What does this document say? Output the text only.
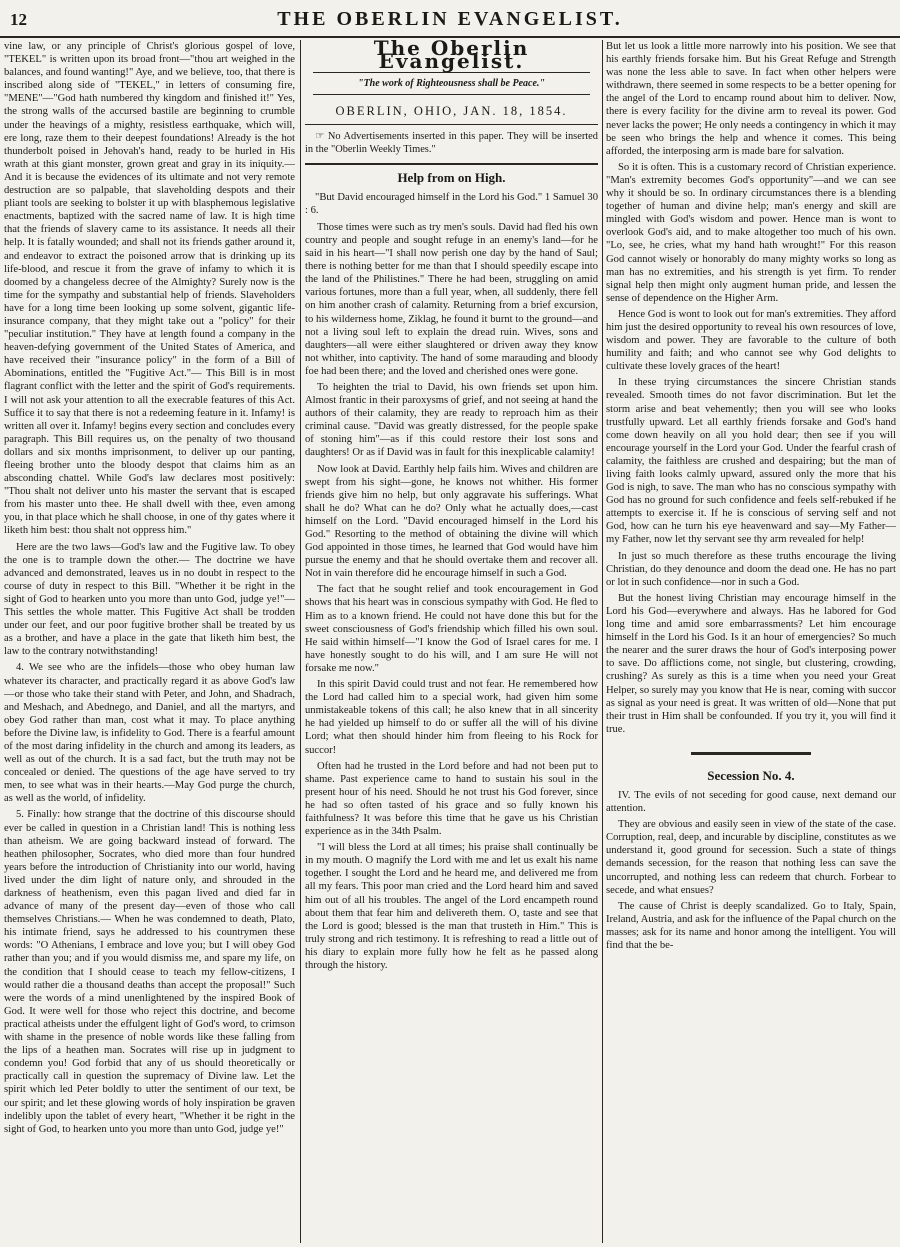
12	THE OBERLIN EVANGELIST.

vine law, or any principle of Christ's glorious gospel of love, "TEKEL" is written upon its broad front—"thou art weighed in the balances, and found wanting!" Aye, and we believe, too, that there is inscribed along side of "TEKEL," in letters of consuming fire, "MENE"—"God hath numbered thy kingdom and finished it!" Yes, the strong walls of the accursed bastile are beginning to crumble under the heavings of a mighty, resistless earthquake, which will, ere long, raze them to their deepest foundations! Already is the hot thunderbolt poised in Jehovah's hand, ready to be hurled in His wrath at this giant monster, grown great and gray in its iniquity.— And it is because the evidences of its ultimate and not very remote destruction are so palpable, that slaveholding despots and their pliant tools are seeking to bolster it up with blasphemous legislative enactments, baptized with the sacred name of law. It is high time that the friends of slavery came to its assistance. It needs all their help. It is fatally wounded; and shall not its friends gather around it, and endeavor to extract the poisoned arrow that is drinking up its life-blood, and rescue it from the grave of infamy to which it is doomed by a changeless decree of the Almighty? Surely now is the time for the sympathy and substantial help of friends. Slaveholders have for a long time been looking up some solvent, gigantic life-insurance company, that they might take out a "policy" for their "peculiar institution." They have at length found a company in the heaven-defying government of the United States of America, and have received their "insurance policy" in the form of a Bill of Abominations, entitled the "Fugitive Act."— This Bill is in most flagrant conflict with the letter and the spirit of God's requirements. I will not ask your attention to all the execrable features of this Act. Suffice it to say that there is not a redeeming feature in it. Infamy! is written all over it. Infamy! begins every section and concludes every paragraph. This Bill requires us, on the penalty of two thousand dollars and six months imprisonment, to deliver up our panting, fleeing brother unto the bloody despot that claims him as an absconding chattel. While God's law declares most positively: "Thou shalt not deliver unto his master the servant that is escaped from his master unto thee. He shall dwell with thee, even among you, in that place which he shall choose, in one of thy gates where it liketh him best: thou shalt not oppress him."

Here are the two laws—God's law and the Fugitive law. To obey the one is to trample down the other.— The doctrine we have advanced and demonstrated, leaves us in no doubt in respect to the course of duty in respect to this Bill. "Whether it be right in the sight of God to hearken unto you more than unto God, judge ye!"— This settles the whole matter. This Fugitive Act shall be trodden under our feet, and our poor fugitive brother shall be treated by us as a brother, and have a place in the gate that liketh him best, the law to the contrary notwithstanding!

4. We see who are the infidels—those who obey human law whatever its character, and practically regard it as above God's law—or those who take their stand with Peter, and John, and Shadrach, and Meshach, and Abednego, and Daniel, and all the martyrs, and obey God rather than man, cost what it may. To place anything before the Divine law, is infidelity to God. There is a fearful amount of the most daring infidelity in the church and among its leaders, as well as out of the church. It is a sad fact, but the truth may not be concealed or denied. The questions of the age have served to try men, to see what was in their hearts.—May God purge the church, as well as the world, of infidelity.

5. Finally: how strange that the doctrine of this discourse should ever be called in question in a Christian land! This is nothing less than atheism. We are going backward instead of forward. The heathen philosopher, Socrates, who died more than four hundred years before the introduction of Christianity into our world, having lived under the dim light of nature only, and shrouded in the darkness of heathenism, even this pagan lived and died far in advance of many of the present day—even of those who call themselves Christians.— When he was condemned to death, Plato, his intimate friend, says he addressed to his countrymen these words: "O Athenians, I embrace and love you; but I will obey God rather than you; and if you would dismiss me, and spare my life, on the condition that I should cease to teach my fellow-citizens, I would rather die a thousand deaths than accept the proposal!" Such were the words of a mind unenlightened by the inspired Book of God. It were well for those who reject this doctrine, and become practical atheists under the effulgent light of God's word, to crimson with shame in the presence of noble words like these falling from the lips of a heathen man. Socrates will rise up in judgment to condemn you! God forbid that any of us should theoretically or practically call in question the supremacy of Divine law. Let the spirit which led Peter boldly to utter the sentiment of our text, be our spirit; and let these glowing words of holy inspiration be graven indelibly upon the tablet of every heart, "Whether it be right in the sight of God, to hearken unto you more than unto God, judge ye!"

The Oberlin Evangelist.
"The work of Righteousness shall be Peace."
OBERLIN, OHIO, JAN. 18, 1854.

☞ No Advertisements inserted in this paper. They will be inserted in the "Oberlin Weekly Times."

Help from on High.

"But David encouraged himself in the Lord his God." 1 Samuel 30 : 6.

Those times were such as try men's souls. David had fled his own country and people and sought refuge in an enemy's land—for he said in his heart—"I shall now perish one day by the hand of Saul; there is nothing better for me than that I should speedily escape into the land of the Philistines." There he had been, struggling on amid various fortunes, more than a full year, when, all suddenly, there fell on him another crash of calamity. Returning from a brief excursion, to his wilderness home, Ziklag, he found it burnt to the ground—and not a living soul left to explain the dread ruin. Wives, sons and daughters—all were either slaughtered or driven away they know not whither, into captivity. The hand of some marauding and bloody foe had been there; and the loved and cherished ones were gone.

To heighten the trial to David, his own friends set upon him. Almost frantic in their paroxysms of grief, and not seeing at hand the authors of their calamity, they are ready to reproach him as their criminal cause. "David was greatly distressed, for the people spake of stoning him"—as if this could restore their lost sons and daughters! Or as if David was in fault for this inexplicable calamity!

Now look at David. Earthly help fails him. Wives and children are swept from his sight—gone, he knows not whither. His former friends give him no help, but only aggravate his sufferings. What shall he do? What can he do? Only what he actually does,—cast himself on the Lord. "David encouraged himself in the Lord his God." Resorting to the method of obtaining the divine will which God appointed in those times, he learned that God would have him pursue the enemy and that he should overtake them and recover all. Not in vain therefore did he encourage himself in such a God.

The fact that he sought relief and took encouragement in God shows that his heart was in conscious sympathy with God. He fled to Him as to a known friend. He could not have done this but for the sweet consciousness of God's friendship which filled his own soul. He said within himself—"I know the God of Israel cares for me. I have honestly sought to do his will, and I am sure He will not forsake me now."

In this spirit David could trust and not fear. He remembered how the Lord had called him to a special work, had given him some unmistakeable tokens of this call; he also knew that in all sincerity he had yielded up himself to do or suffer all the will of his divine Lord; what then should hinder him from fleeing to his Rock for succor!

Often had he trusted in the Lord before and had not been put to shame. Past experience came to hand to sustain his soul in the present hour of his need. Should he not trust his God forever, since he had so often tasted of his grace and so fully known his faithfulness? It was before this time that he gave us his Christian experience as in the 34th Psalm.

"I will bless the Lord at all times; his praise shall continually be in my mouth. O magnify the Lord with me and let us exalt his name together. I sought the Lord and he heard me, and delivered me from all my fears. This poor man cried and the Lord heard him and saved him out of all his troubles. The angel of the Lord encampeth round about them that fear him and delivereth them. O, taste and see that the Lord is good; blessed is the man that trusteth in Him." This is truly strong and rich testimony. It is refreshing to read a little out of his diary to explain more fully how he felt as he passed along through the history.

But let us look a little more narrowly into his position. We see that his earthly friends forsake him. But his Great Refuge and Strength was none the less able to save. In fact when other helpers were withdrawn, there seemed in some respects to be a better opening for the angel of the Lord to encamp round about him to deliver. Now, there is every facility for the divine arm to reveal its power. God never lacks the power; He only needs a contingency in which it may be seen who brings the help and whence it comes. This being afforded, the interposing arm is made bare for salvation.

So it is often. This is a customary record of Christian experience. "Man's extremity becomes God's opportunity"—and we can see why it should be so. In ordinary circumstances there is a blending together of human and divine help; man's energy and skill are mingled with God's wisdom and power. Hence man is wont to overlook God's aid, and to make altogether too much of his own. "Lo, see, he cries, what my hand hath wrought!" For this reason God cannot wisely or honorably do many mighty works so long as man has no extremities, and his strength is yet firm. To render signal help then might only augment human pride, and lessen the sense of dependence on the Higher Arm.

Hence God is wont to look out for man's extremities. They afford him just the desired opportunity to reveal his own resources of love, wisdom and power. They are favorable to the culture of both humility and faith; and who cannot see why God delights to cultivate these lovely graces of the heart!

In these trying circumstances the sincere Christian stands revealed. Smooth times do not favor discrimination. But let the storm arise and beat vehemently; then you will see who looks trustfully upward. Let all earthly friends forsake and God's hand come down heavily on all you hold dear; then see if you will encourage yourself in the Lord your God. Under the fearful crash of calamity, the faithless are crushed and despairing; but the man of living faith looks calmly upward, assured only the more that his God is nigh, to save. The man who has no conscious sympathy with God has no ground for such confidence and feels self-rebuked if he attempts to exercise it. If he is conscious of serving self and not God, how can he turn his eye heavenward and say—My Father—my Father, now let thy servant see thy arm revealed for help!

In just so much therefore as these truths encourage the living Christian, do they denounce and doom the dead one. He has no part or lot in such confidence—nor in such a God.

But the honest living Christian may encourage himself in the Lord his God—everywhere and always. Has he labored for God long time and amid sore embarrassments? Let him encourage himself in the Lord his God. Is it an hour of emergencies? So much the nearer and the surer draws the hour of God's interposing power to save. Do afflictions come, not single, but clustering, crowding, crushing? As surely as this is a time when you need your Great Helper, so surely may you know that He is near, coming with succor as signal as your need is great. It was written of old—None that put their trust in Him shall be confounded. If you try it, you will find it true.

Secession No. 4.

IV. The evils of not seceding for good cause, next demand our attention.

They are obvious and easily seen in view of the state of the case. Corruption, real, deep, and incurable by discipline, constitutes as we understand it, good ground for secession. Such a state of things demands secession, for the reason that nothing less can save the uncorrupted, and nothing less can redeem that church. Forbear to secede, and what ensues?

The cause of Christ is deeply scandalized. Go to Italy, Spain, Ireland, Austria, and ask for the influence of the Papal church on the masses; ask for its name and honor among the intelligent. You will find that the be-
